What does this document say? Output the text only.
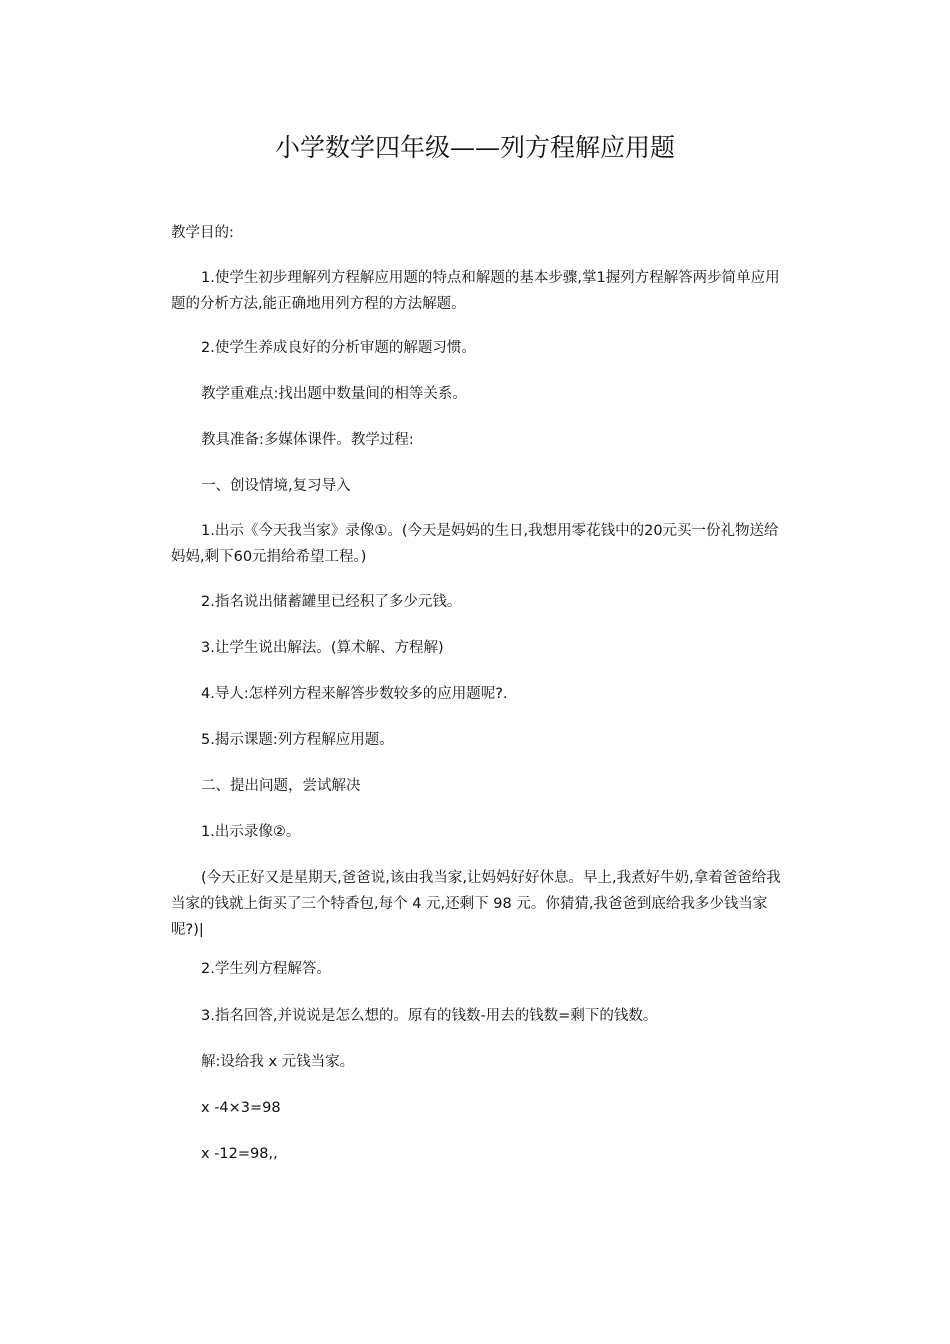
小学数学四年级——列方程解应用题

教学目的:

1.使学生初步理解列方程解应用题的特点和解题的基本步骤,掌1握列方程解答两步简单应用题的分析方法,能正确地用列方程的方法解题。

2.使学生养成良好的分析审题的解题习惯。

教学重难点:找出题中数量间的相等关系。

教具准备:多媒体课件。教学过程:

一、创设情境,复习导入

1.出示《今天我当家》录像①。(今天是妈妈的生日,我想用零花钱中的20元买一份礼物送给妈妈,剩下60元捐给希望工程。)

2.指名说出储蓄罐里已经积了多少元钱。

3.让学生说出解法。(算术解、方程解)

4.导人:怎样列方程来解答步数较多的应用题呢?.

5.揭示课题:列方程解应用题。

二、提出问题，尝试解决

1.出示录像②。

(今天正好又是星期天,爸爸说,该由我当家,让妈妈好好休息。早上,我煮好牛奶,拿着爸爸给我当家的钱就上街买了三个特香包,每个 4 元,还剩下 98 元。你猜猜,我爸爸到底给我多少钱当家呢?)|

2.学生列方程解答。

3.指名回答,并说说是怎么想的。原有的钱数-用去的钱数=剩下的钱数。

解:设给我 x 元钱当家。

x -4×3=98

x -12=98,,
